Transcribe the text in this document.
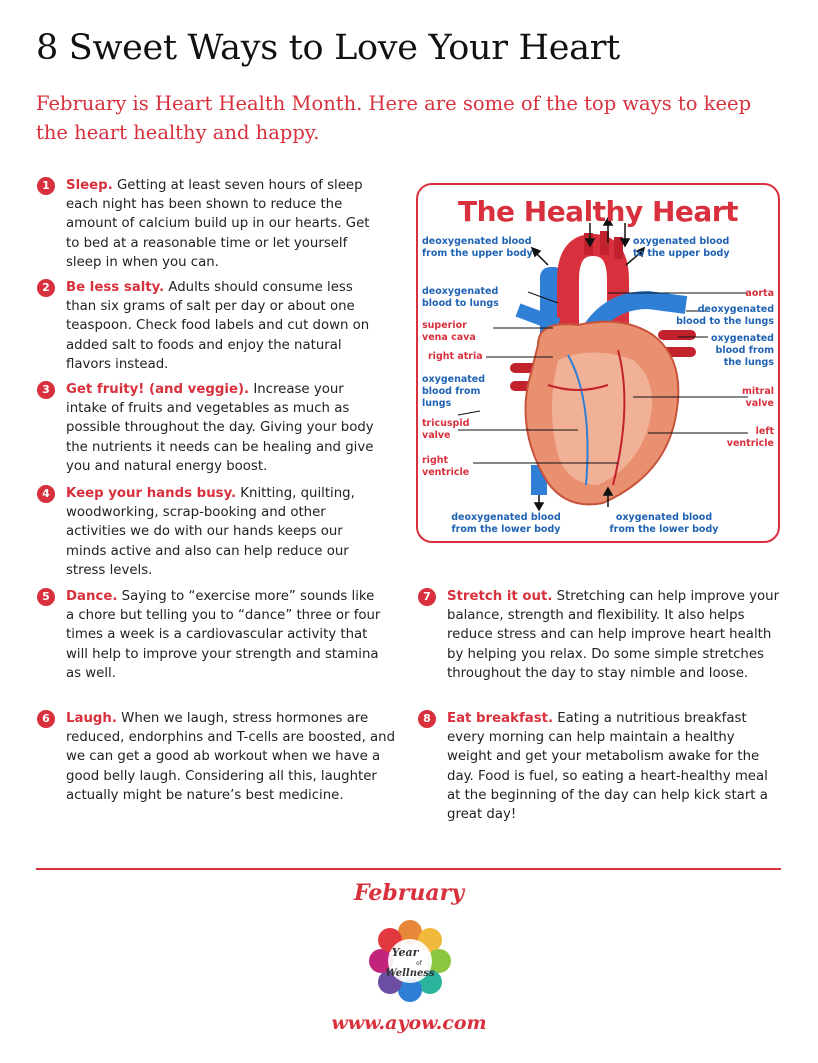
8 Sweet Ways to Love Your Heart

February is Heart Health Month. Here are some of the top ways to keep the heart healthy and happy.

1	Sleep. Getting at least seven hours of sleep each night has been shown to reduce the amount of calcium build up in our hearts. Get to bed at a reasonable time or let yourself sleep in when you can.
2	Be less salty. Adults should consume less than six grams of salt per day or about one teaspoon. Check food labels and cut down on added salt to foods and enjoy the natural flavors instead.
3	Get fruity! (and veggie). Increase your intake of fruits and vegetables as much as possible throughout the day. Giving your body the nutrients it needs can be healing and give you and natural energy boost.
4	Keep your hands busy. Knitting, quilting, woodworking, scrap-booking and other activities we do with our hands keeps our minds active and also can help reduce our stress levels.
5	Dance. Saying to “exercise more” sounds like a chore but telling you to “dance” three or four times a week is a cardiovascular activity that will help to improve your strength and stamina as well.
6	Laugh. When we laugh, stress hormones are reduced, endorphins and T-cells are boosted, and we can get a good ab workout when we have a good belly laugh. Considering all this, laughter actually might be nature’s best medicine.
7	Stretch it out. Stretching can help improve your balance, strength and flexibility. It also helps reduce stress and can help improve heart health by helping you relax. Do some simple stretches throughout the day to stay nimble and loose.
8	Eat breakfast. Eating a nutritious breakfast every morning can help maintain a healthy weight and get your metabolism awake for the day. Food is fuel, so eating a heart-healthy meal at the beginning of the day can help kick start a great day!
The Healthy Heart
deoxygenated blood from the upper body
oxygenated blood to the upper body
deoxygenated blood to lungs
aorta
deoxygenated blood to the lungs
superior vena cava	oxygenated blood from the lungs
right atria
oxygenated blood from lungs
mitral valve
tricuspid valve	left ventricle
right ventricle
deoxygenated blood from the lower body
oxygenated blood from the lower body
February
Year
of
Wellness
www.ayow.com
